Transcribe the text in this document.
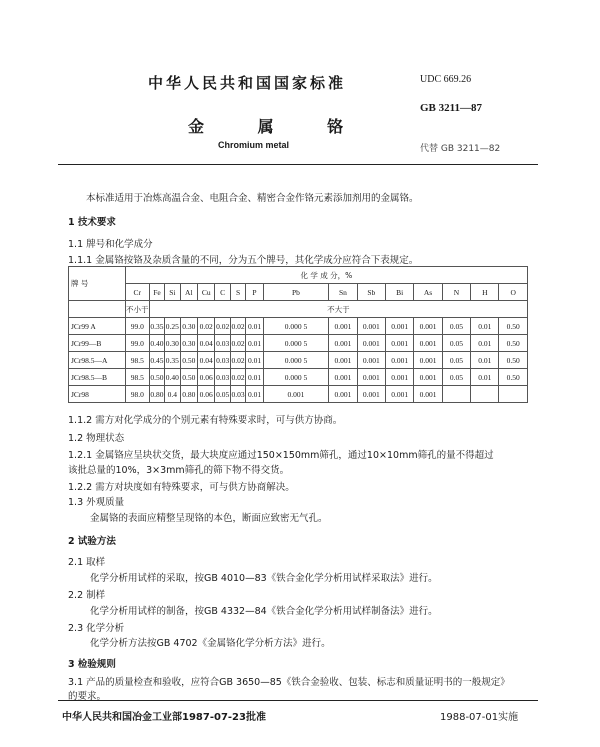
中华人民共和国国家标准	UDC 669.26
GB 3211—87
金 属 铬
Chromium metal	代替 GB 3211—82
本标准适用于冶炼高温合金、电阻合金、精密合金作铬元素添加剂用的金属铬。
1 技术要求
1.1 牌号和化学成分
1.1.1 金属铬按铬及杂质含量的不同，分为五个牌号，其化学成分应符合下表规定。
牌 号	化 学 成 分，%															
	Cr	Fe	Si	Al	Cu	C	S	P	Pb	Sn	Sb	Bi	As	N	H	O
	不小于	不大于														
JCr99 A	99.0	0.35	0.25	0.30	0.02	0.02	0.02	0.01	0.000 5	0.001	0.001	0.001	0.001	0.05	0.01	0.50
JCr99—B	99.0	0.40	0.30	0.30	0.04	0.03	0.02	0.01	0.000 5	0.001	0.001	0.001	0.001	0.05	0.01	0.50
JCr98.5—A	98.5	0.45	0.35	0.50	0.04	0.03	0.02	0.01	0.000 5	0.001	0.001	0.001	0.001	0.05	0.01	0.50
JCr98.5—B	98.5	0.50	0.40	0.50	0.06	0.03	0.02	0.01	0.000 5	0.001	0.001	0.001	0.001	0.05	0.01	0.50
JCr98	98.0	0.80	0.4	0.80	0.06	0.05	0.03	0.01	0.001	0.001	0.001	0.001	0.001			
1.1.2 需方对化学成分的个别元素有特殊要求时，可与供方协商。
1.2 物理状态
1.2.1 金属铬应呈块状交货，最大块度应通过150×150mm筛孔，通过10×10mm筛孔的量不得超过
该批总量的10%，3×3mm筛孔的筛下物不得交货。
1.2.2 需方对块度如有特殊要求，可与供方协商解决。
1.3 外观质量
金属铬的表面应精整呈现铬的本色，断面应致密无气孔。
2 试验方法
2.1 取样
化学分析用试样的采取，按GB 4010—83《铁合金化学分析用试样采取法》进行。
2.2 制样
化学分析用试样的制备，按GB 4332—84《铁合金化学分析用试样制备法》进行。
2.3 化学分析
化学分析方法按GB 4702《金属铬化学分析方法》进行。
3 检验规则
3.1 产品的质量检查和验收，应符合GB 3650—85《铁合金验收、包装、标志和质量证明书的一般规定》
的要求。
中华人民共和国冶金工业部1987-07-23批准	1988-07-01实施
